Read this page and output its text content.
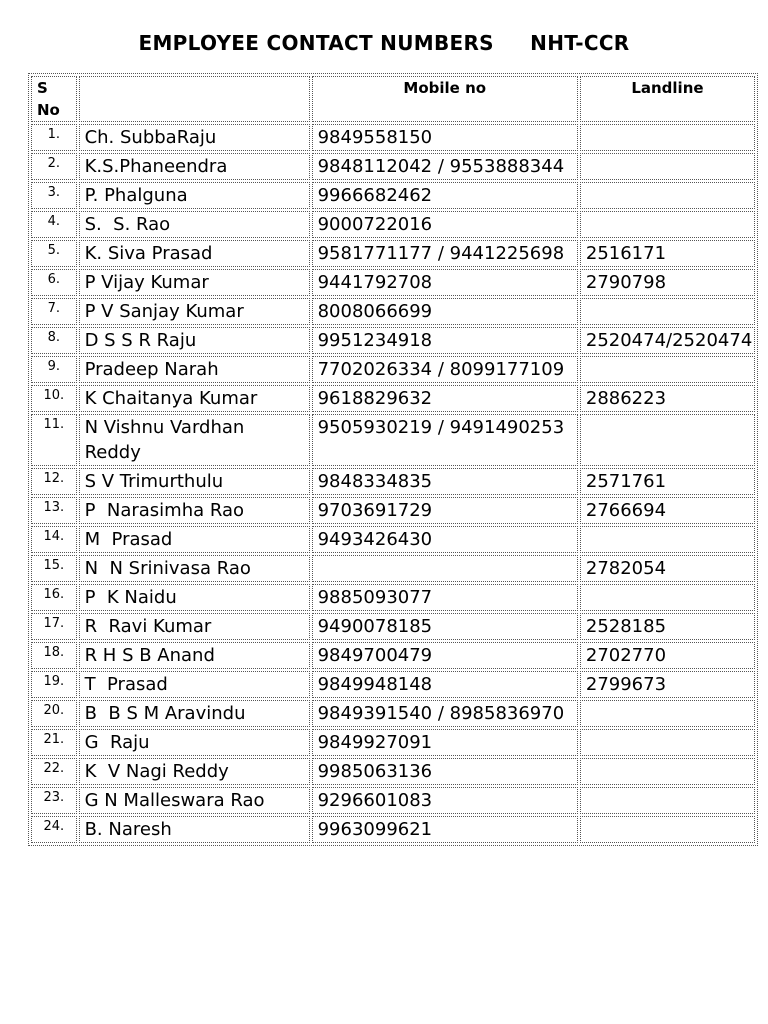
EMPLOYEE CONTACT NUMBERS     NHT-CCR
S No		Mobile no	Landline
1.	Ch. SubbaRaju	9849558150	
2.	K.S.Phaneendra	9848112042 / 9553888344	
3.	P. Phalguna	9966682462	
4.	S.  S. Rao	9000722016	
5.	K. Siva Prasad	9581771177 / 9441225698	2516171
6.	P Vijay Kumar	9441792708	2790798
7.	P V Sanjay Kumar	8008066699	
8.	D S S R Raju	9951234918	2520474/2520474
9.	Pradeep Narah	7702026334 / 8099177109	
10.	K Chaitanya Kumar	9618829632	2886223
11.	N Vishnu Vardhan Reddy	9505930219 / 9491490253	
12.	S V Trimurthulu	9848334835	2571761
13.	P  Narasimha Rao	9703691729	2766694
14.	M  Prasad	9493426430	
15.	N  N Srinivasa Rao		2782054
16.	P  K Naidu	9885093077	
17.	R  Ravi Kumar	9490078185	2528185
18.	R H S B Anand	9849700479	2702770
19.	T  Prasad	9849948148	2799673
20.	B  B S M Aravindu	9849391540 / 8985836970	
21.	G  Raju	9849927091	
22.	K  V Nagi Reddy	9985063136	
23.	G N Malleswara Rao	9296601083	
24.	B. Naresh	9963099621	
